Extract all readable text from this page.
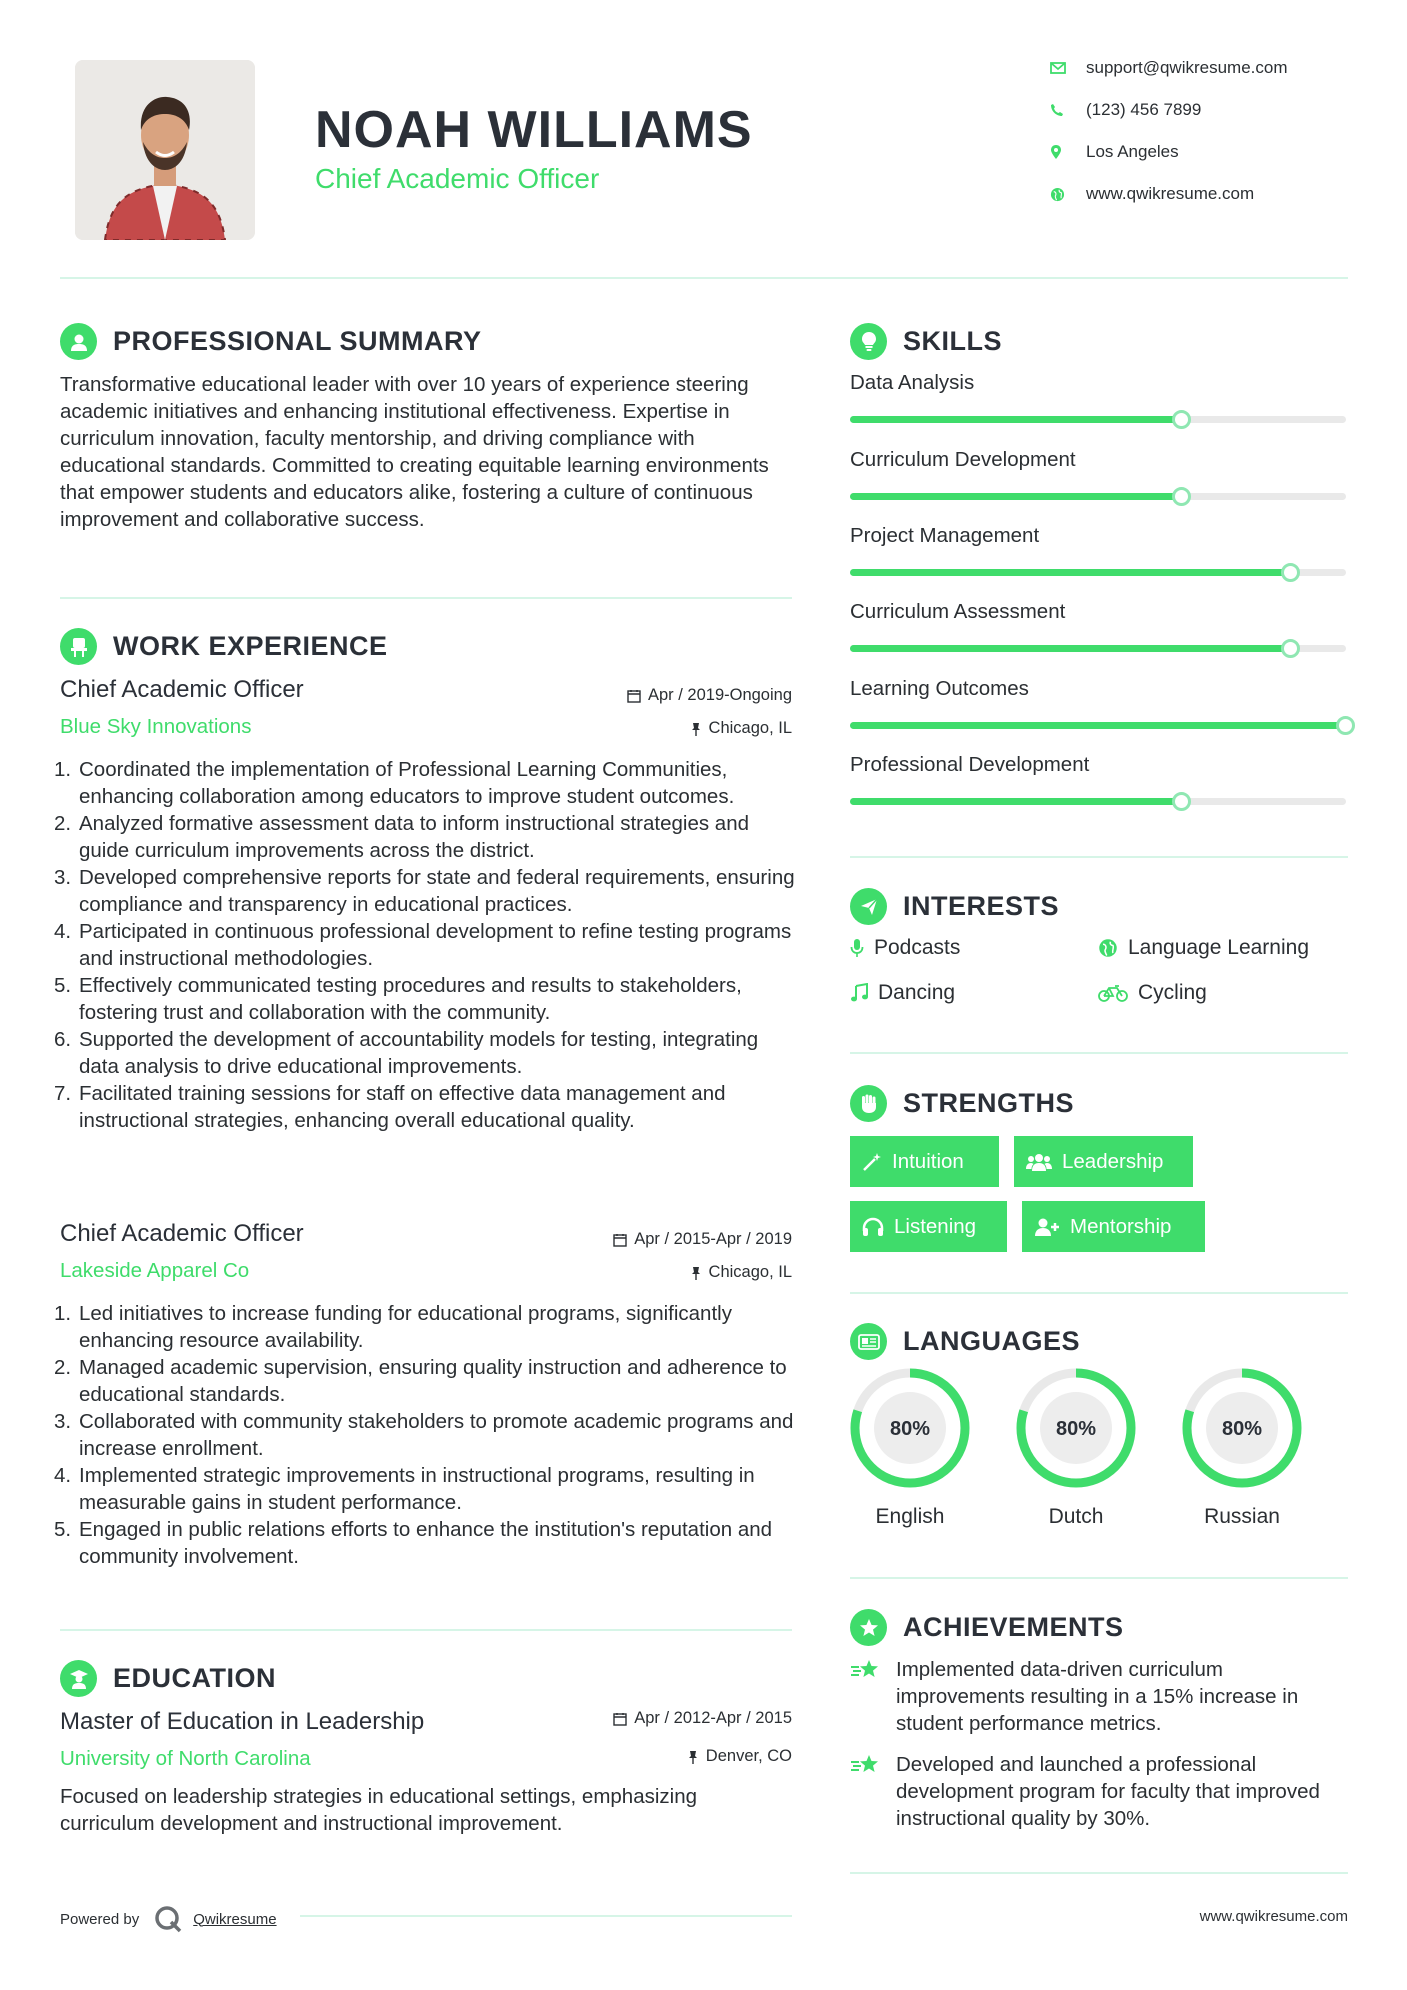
NOAH WILLIAMS
Chief Academic Officer
support@qwikresume.com
(123) 456 7899
Los Angeles
www.qwikresume.com
PROFESSIONAL SUMMARY
Transformative educational leader with over 10 years of experience steering academic initiatives and enhancing institutional effectiveness. Expertise in curriculum innovation, faculty mentorship, and driving compliance with educational standards. Committed to creating equitable learning environments that empower students and educators alike, fostering a culture of continuous improvement and collaborative success.
WORK EXPERIENCE
Chief Academic Officer
Blue Sky Innovations
Apr / 2019-Ongoing
Chicago, IL
1. Coordinated the implementation of Professional Learning Communities, enhancing collaboration among educators to improve student outcomes.
2. Analyzed formative assessment data to inform instructional strategies and guide curriculum improvements across the district.
3. Developed comprehensive reports for state and federal requirements, ensuring compliance and transparency in educational practices.
4. Participated in continuous professional development to refine testing programs and instructional methodologies.
5. Effectively communicated testing procedures and results to stakeholders, fostering trust and collaboration with the community.
6. Supported the development of accountability models for testing, integrating data analysis to drive educational improvements.
7. Facilitated training sessions for staff on effective data management and instructional strategies, enhancing overall educational quality.
Chief Academic Officer
Lakeside Apparel Co
Apr / 2015-Apr / 2019
Chicago, IL
1. Led initiatives to increase funding for educational programs, significantly enhancing resource availability.
2. Managed academic supervision, ensuring quality instruction and adherence to educational standards.
3. Collaborated with community stakeholders to promote academic programs and increase enrollment.
4. Implemented strategic improvements in instructional programs, resulting in measurable gains in student performance.
5. Engaged in public relations efforts to enhance the institution's reputation and community involvement.
EDUCATION
Master of Education in Leadership
University of North Carolina
Apr / 2012-Apr / 2015
Denver, CO
Focused on leadership strategies in educational settings, emphasizing curriculum development and instructional improvement.
SKILLS
Data Analysis
Curriculum Development
Project Management
Curriculum Assessment
Learning Outcomes
Professional Development
INTERESTS
Podcasts	Language Learning
Dancing	Cycling
STRENGTHS
Intuition	Leadership
Listening	Mentorship
LANGUAGES
80%
English
80%
Dutch
80%
Russian
ACHIEVEMENTS
Implemented data-driven curriculum improvements resulting in a 15% increase in student performance metrics.
Developed and launched a professional development program for faculty that improved instructional quality by 30%.
Powered by	Qwikresume	www.qwikresume.com
